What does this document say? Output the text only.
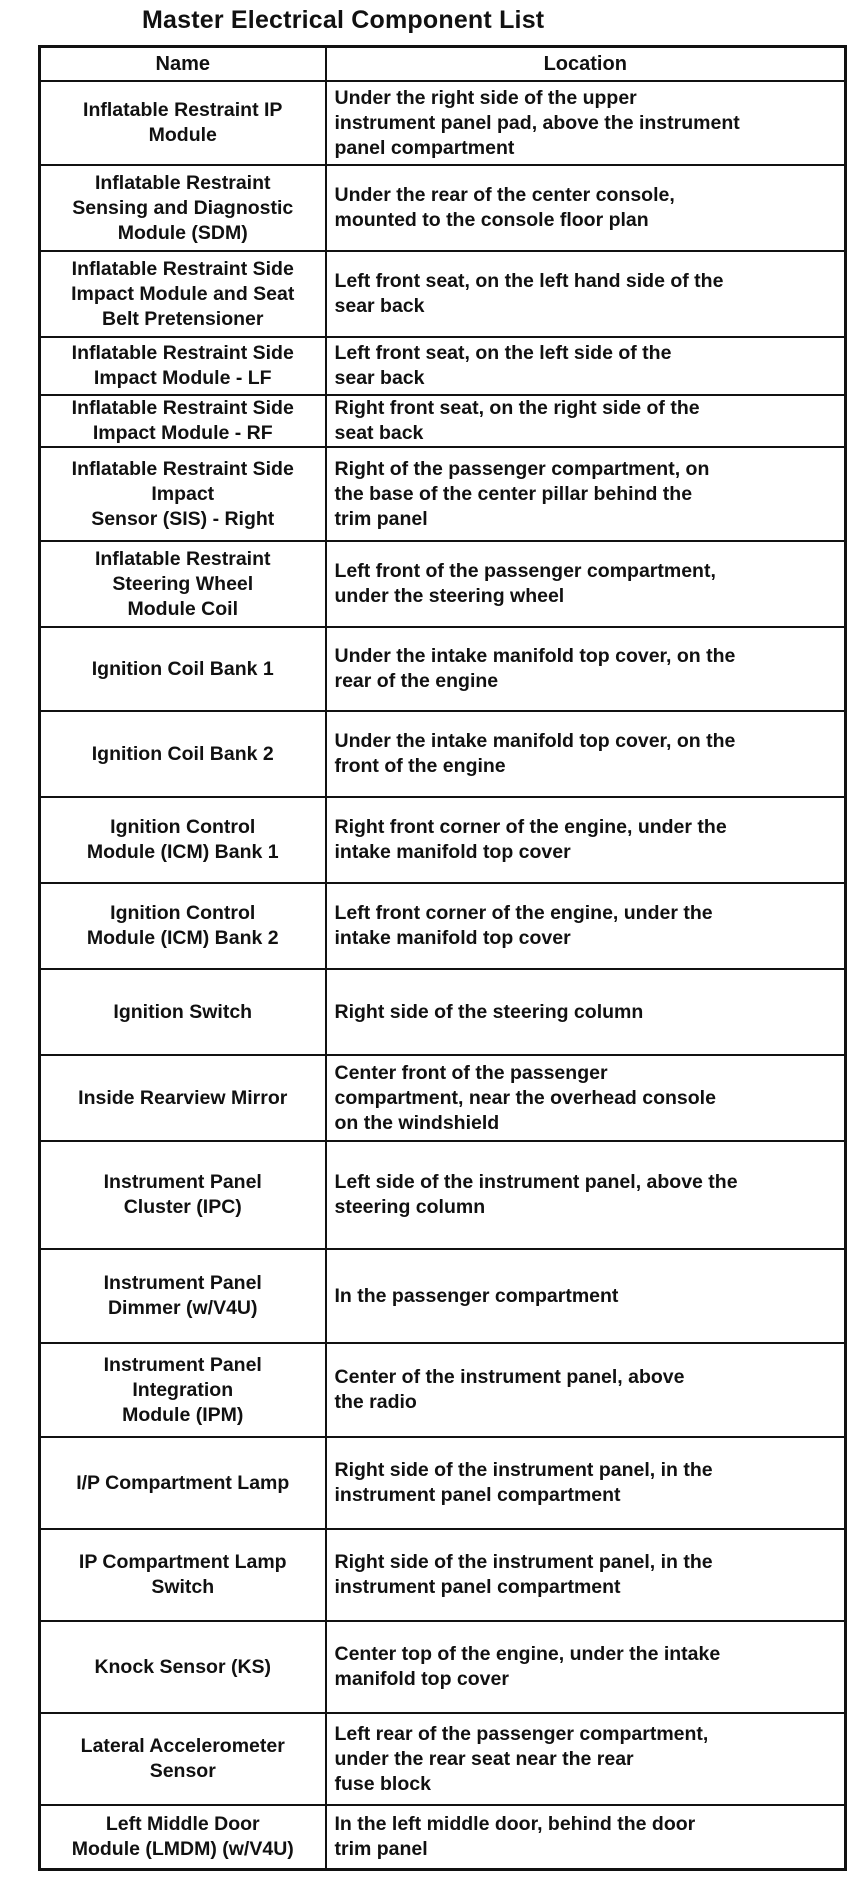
Master Electrical Component List
Name	Location

Inflatable Restraint IP
Module	Under the right side of the upper
instrument panel pad, above the instrument
panel compartment

Inflatable Restraint
Sensing and Diagnostic
Module (SDM)	Under the rear of the center console,
mounted to the console floor plan

Inflatable Restraint Side
Impact Module and Seat
Belt Pretensioner	Left front seat, on the left hand side of the
sear back

Inflatable Restraint Side
Impact Module - LF	Left front seat, on the left side of the
sear back

Inflatable Restraint Side
Impact Module - RF	Right front seat, on the right side of the
seat back

Inflatable Restraint Side
Impact
Sensor (SIS) - Right	Right of the passenger compartment, on
the base of the center pillar behind the
trim panel

Inflatable Restraint
Steering Wheel
Module Coil	Left front of the passenger compartment,
under the steering wheel

Ignition Coil Bank 1	Under the intake manifold top cover, on the
rear of the engine

Ignition Coil Bank 2	Under the intake manifold top cover, on the
front of the engine

Ignition Control
Module (ICM) Bank 1	Right front corner of the engine, under the
intake manifold top cover

Ignition Control
Module (ICM) Bank 2	Left front corner of the engine, under the
intake manifold top cover

Ignition Switch	Right side of the steering column

Inside Rearview Mirror	Center front of the passenger
compartment, near the overhead console
on the windshield

Instrument Panel
Cluster (IPC)	Left side of the instrument panel, above the
steering column

Instrument Panel
Dimmer (w/V4U)	In the passenger compartment

Instrument Panel
Integration
Module (IPM)	Center of the instrument panel, above
the radio

I/P Compartment Lamp	Right side of the instrument panel, in the
instrument panel compartment

IP Compartment Lamp
Switch	Right side of the instrument panel, in the
instrument panel compartment

Knock Sensor (KS)	Center top of the engine, under the intake
manifold top cover

Lateral Accelerometer
Sensor	Left rear of the passenger compartment,
under the rear seat near the rear
fuse block

Left Middle Door
Module (LMDM) (w/V4U)	In the left middle door, behind the door
trim panel
